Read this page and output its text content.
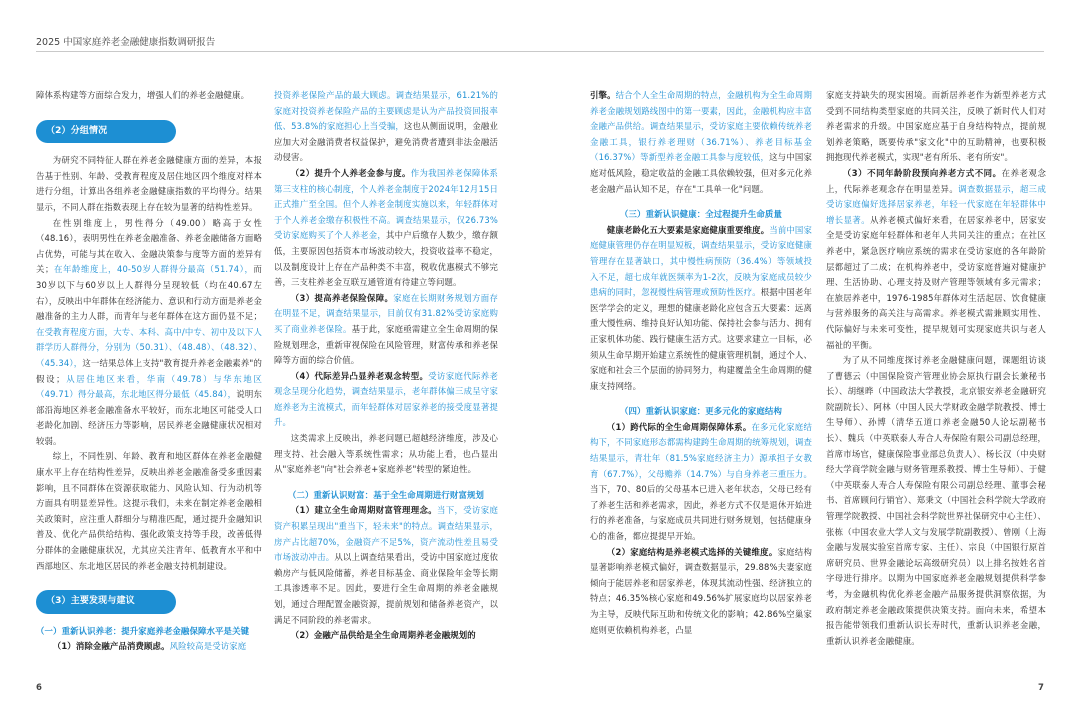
2025 中国家庭养老金融健康指数调研报告

障体系构建等方面综合发力，增强人们的养老金融健康。

（2）分组情况

为研究不同特征人群在养老金融健康方面的差异，本报告基于性别、年龄、受教育程度及居住地区四个维度对样本进行分组，计算出各组养老金融健康指数的平均得分。结果显示，不同人群在指数表现上存在较为显著的结构性差异。

在性别维度上，男性得分（49.00）略高于女性（48.16），表明男性在养老金融准备、养老金融储备方面略占优势，可能与其在收入、金融决策参与度等方面的差异有关；在年龄维度上，40-50岁人群得分最高（51.74），而30岁以下与60岁以上人群得分呈现较低（均在40.67左右），反映出中年群体在经济能力、意识和行动方面是养老金融准备的主力人群，而青年与老年群体在这方面仍显不足；在受教育程度方面，大专、本科、高中/中专、初中及以下人群学历人群得分，分别为（50.31）、（48.48）、（48.32）、（45.34），这一结果总体上支持"教育提升养老金融素养"的假设；从居住地区来看，华南（49.78）与华东地区（49.71）得分最高，东北地区得分最低（45.84），说明东部沿海地区养老金融准备水平较好，而东北地区可能受人口老龄化加剧、经济压力等影响，居民养老金融健康状况相对较弱。

综上，不同性别、年龄、教育和地区群体在养老金融健康水平上存在结构性差异，反映出养老金融准备受多重因素影响，且不同群体在资源获取能力、风险认知、行为动机等方面具有明显差异性。这提示我们，未来在制定养老金融相关政策时，应注重人群细分与精准匹配，通过提升金融知识普及、优化产品供给结构、强化政策支持等手段，改善低得分群体的金融健康状况，尤其应关注青年、低教育水平和中西部地区、东北地区居民的养老金融支持机制建设。

（3）主要发现与建议

（一）重新认识养老：提升家庭养老金融保障水平是关键

（1）消除金融产品消费顾虑。风险较高是受访家庭

投资养老保险产品的最大顾虑。调查结果显示，61.21%的家庭对投资养老保险产品的主要顾虑是认为产品投资回报率低、53.8%的家庭担心上当受骗，这也从侧面说明，金融业应加大对金融消费者权益保护，避免消费者遭到非法金融活动侵害。

（2）提升个人养老金参与度。作为我国养老保障体系第三支柱的核心制度，个人养老金制度于2024年12月15日正式推广至全国。但个人养老金制度实施以来，年轻群体对于个人养老金缴存积极性不高。调查结果显示，仅26.73%受访家庭购买了个人养老金，其中户后缴存人数少，缴存额低，主要原因包括资本市场波动较大，投资收益率不稳定，以及制度设计上存在产品种类不丰富，税收优惠模式不够完善，三支柱养老金互联互通管道有待建立等问题。

（3）提高养老保险保障。家庭在长期财务规划方面存在明显不足，调查结果显示，目前仅有31.82%受访家庭购买了商业养老保险。基于此，家庭亟需建立全生命周期的保险规划理念，重新审视保险在风险管理，财富传承和养老保障等方面的综合价值。

（4）代际差异凸显养老观念转型。受访家庭代际养老观念呈现分化趋势，调查结果显示，老年群体偏三成呈守家庭养老为主流模式，而年轻群体对居家养老的接受度显著提升。

这类需求上反映出，养老问题已超越经济维度，涉及心理支持、社会融入等系统性需求；从功能上看，也凸显出从"家庭养老"向"社会养老+家庭养老"转型的紧迫性。

（二）重新认识财富：基于全生命周期进行财富规划

（1）建立全生命周期财富管理理念。当下，受访家庭资产积累呈现出"重当下，轻未来"的特点。调查结果显示，房产占比超70%，金融资产不足5%，资产流动性差且易受市场波动冲击。从以上调查结果看出，受访中国家庭过度依赖房产与低风险储蓄，养老目标基金、商业保险年金等长期工具渗透率不足。因此，要进行全生命周期的养老金融规划，通过合理配置金融资源，提前规划和储备养老资产，以满足不同阶段的养老需求。

（2）金融产品供给是全生命周期养老金融规划的

引擎。结合个人全生命周期的特点，金融机构为全生命周期养老金融规划路线图中的第一要素，因此，金融机构应丰富金融产品供给。调查结果显示，受访家庭主要依赖传统养老金融工具，银行养老理财（36.71%）、养老目标基金（16.37%）等新型养老金融工具参与度较低，这与中国家庭对低风险，稳定收益的金融工具依赖较强，但对多元化养老金融产品认知不足，存在"工具单一化"问题。

（三）重新认识健康：全过程提升生命质量

健康老龄化五大要素是家庭健康重要维度。当前中国家庭健康管理仍存在明显短板，调查结果显示，受访家庭健康管理存在显著缺口，其中慢性病预防（36.4%）等领域投入不足，超七成年就医频率为1-2次，反映为家庭成员较少患病的同时，忽视慢性病管理或预防性医疗。根据中国老年医学学会的定义，理想的健康老龄化应包含五大要素：远离重大慢性病、维持良好认知功能、保持社会参与活力、拥有正家机体功能、践行健康生活方式。这要求建立一目标，必须从生命早期开始建立系统性的健康管理机制，通过个人、家庭和社会三个层面的协同努力，构建覆盖全生命周期的健康支持网络。

（四）重新认识家庭：更多元化的家庭结构

（1）跨代际的全生命周期保障体系。在多元化家庭结构下，不同家庭形态都需构建跨生命周期的统筹规划，调查结果显示，青壮年（81.5%家庭经济主力）源承担子女教育（67.7%），父母赡养（14.7%）与自身养老三重压力。当下，70、80后的父母基本已进入老年状态，父母已经有了养老生活和养老需求，因此，养老方式不仅是退休开始进行的养老准备，与家庭成员共同进行财务规划，包括健康身心的准备，都应提提早开始。

（2）家庭结构是养老模式选择的关键维度。家庭结构显著影响养老模式偏好，调查数据显示，29.88%夫妻家庭倾向于能居养老和居家养老，体现其流动性强、经济独立的特点；46.35%核心家庭和49.56%扩展家庭均以居家养老为主导，反映代际互助和传统文化的影响；42.86%空巢家庭则更依赖机构养老，凸显

家庭支持缺失的现实困境。而新居养老作为新型养老方式受到不同结构类型家庭的共同关注，反映了新时代人们对养老需求的升级。中国家庭应基于自身结构特点，提前规划养老策略，既要传承"家文化"中的互助精神，也要积极拥抱现代养老模式，实现"老有所乐、老有所安"。

（3）不同年龄阶段预向养老方式不同。在养老观念上，代际养老观念存在明显差异。调查数据显示，超三成受访家庭偏好选择居家养老，年轻一代家庭在年轻群体中增长显著。从养老模式偏好来看，在居家养老中，居家安全是受访家庭年轻群体和老年人共同关注的重点；在社区养老中，紧急医疗响应系统的需求在受访家庭的各年龄阶层都超过了二成；在机构养老中，受访家庭普遍对健康护理、生活协助、心理支持及财产管理等领域有多元需求；在旅居养老中，1976-1985年群体对生活起居、饮食健康与营养服务的高关注与高需求。养老模式需兼顾实用性、代际偏好与未来可变性，提早规划可实现家庭共识与老人福祉的平衡。

为了从不同维度探讨养老金融健康问题，课题组访谈了曹德云（中国保险资产管理业协会原执行副会长兼秘书长）、胡继晔（中国政法大学教授，北京银安养老金融研究院副院长）、阿林（中国人民大学财政金融学院教授、博士生导师）、孙博（清华五道口养老金融50人论坛副秘书长）、魏兵（中英联泰人寿合人寿保险有限公司副总经理，首席市场官，健康保险事业部总负责人）、杨长汉（中央财经大学商学院金融与财务管理系教授、博士生导师）、于健（中英联泰人寿合人寿保险有限公司副总经理、董事会秘书、首席顾问行销官）、郑秉文（中国社会科学院大学政府管理学院教授、中国社会科学院世界社保研究中心主任）、张栋（中国农业大学人文与发展学院副教授）、曾刚（上海金融与发展实验室首席专家、主任）、宗良（中国银行原首席研究员、世界金融论坛高级研究员）以上排名按姓名首字母进行排序。以期为中国家庭养老金融规划提供科学参考，为金融机构优化养老金融产品服务提供洞察依据，为政府制定养老金融政策提供决策支持。面向未来，希望本报告能带领我们重新认识长寿时代，重新认识养老金融，重新认识养老金融健康。

6	7
